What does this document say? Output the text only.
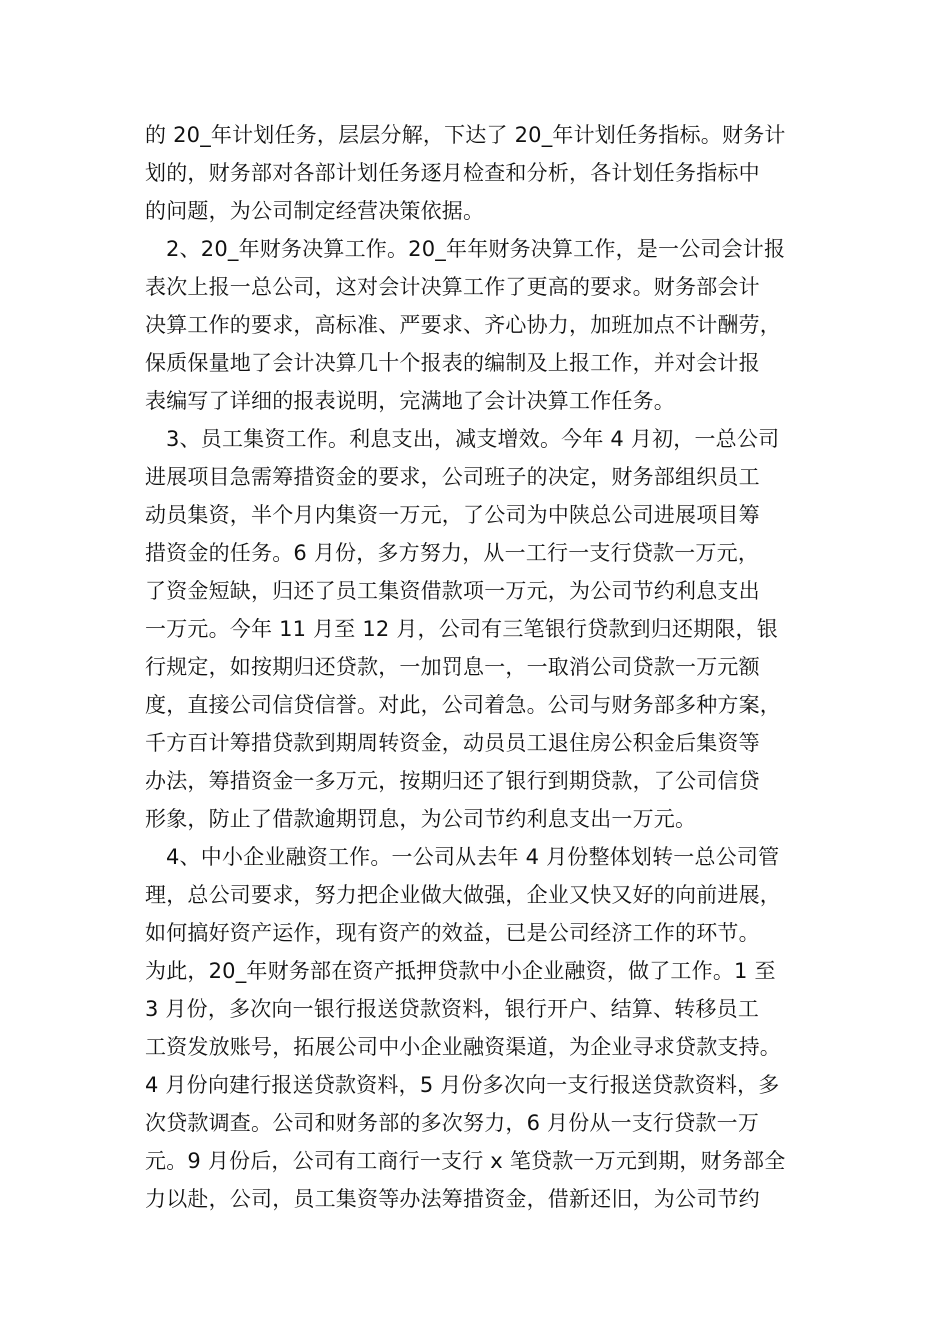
的 20_年计划任务，层层分解，下达了 20_年计划任务指标。财务计
划的，财务部对各部计划任务逐月检查和分析，各计划任务指标中
的问题，为公司制定经营决策依据。
2、20_年财务决算工作。20_年年财务决算工作，是一公司会计报
表次上报一总公司，这对会计决算工作了更高的要求。财务部会计
决算工作的要求，高标准、严要求、齐心协力，加班加点不计酬劳，
保质保量地了会计决算几十个报表的编制及上报工作，并对会计报
表编写了详细的报表说明，完满地了会计决算工作任务。
3、员工集资工作。利息支出，减支增效。今年 4 月初，一总公司
进展项目急需筹措资金的要求，公司班子的决定，财务部组织员工
动员集资，半个月内集资一万元，了公司为中陕总公司进展项目筹
措资金的任务。6 月份，多方努力，从一工行一支行贷款一万元，
了资金短缺，归还了员工集资借款项一万元，为公司节约利息支出
一万元。今年 11 月至 12 月，公司有三笔银行贷款到归还期限，银
行规定，如按期归还贷款，一加罚息一，一取消公司贷款一万元额
度，直接公司信贷信誉。对此，公司着急。公司与财务部多种方案，
千方百计筹措贷款到期周转资金，动员员工退住房公积金后集资等
办法，筹措资金一多万元，按期归还了银行到期贷款，了公司信贷
形象，防止了借款逾期罚息，为公司节约利息支出一万元。
4、中小企业融资工作。一公司从去年 4 月份整体划转一总公司管
理，总公司要求，努力把企业做大做强，企业又快又好的向前进展，
如何搞好资产运作，现有资产的效益，已是公司经济工作的环节。
为此，20_年财务部在资产抵押贷款中小企业融资，做了工作。1 至
3 月份，多次向一银行报送贷款资料，银行开户、结算、转移员工
工资发放账号，拓展公司中小企业融资渠道，为企业寻求贷款支持。
4 月份向建行报送贷款资料，5 月份多次向一支行报送贷款资料，多
次贷款调查。公司和财务部的多次努力，6 月份从一支行贷款一万
元。9 月份后，公司有工商行一支行 x 笔贷款一万元到期，财务部全
力以赴，公司，员工集资等办法筹措资金，借新还旧，为公司节约
